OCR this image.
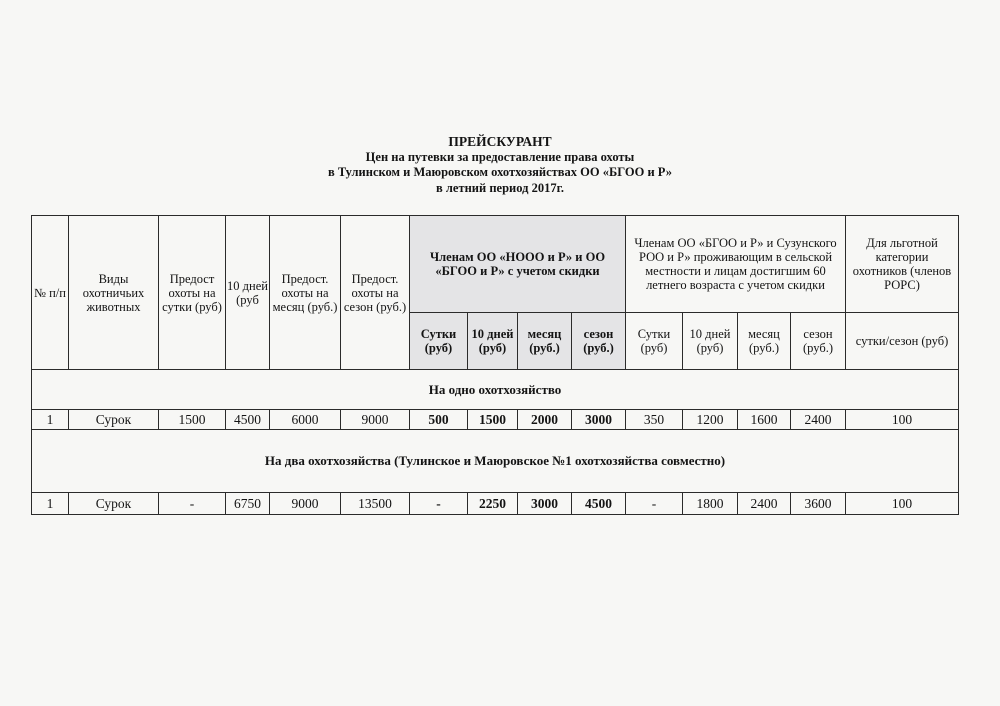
ПРЕЙСКУРАНТ
Цен на путевки за предоставление права охоты
в Тулинском и Маюровском охотхозяйствах ОО «БГОО и Р»
в летний период 2017г.
№ п/п	Виды охотничьих животных	Предост охоты на сутки (руб)	10 дней (руб	Предост. охоты на месяц (руб.)	Предост. охоты на сезон (руб.)	Членам ОО «НООО и Р» и ОО «БГОО и Р» с учетом скидки				Членам ОО «БГОО и Р» и Сузунского РОО и Р» проживающим в сельской местности и лицам достигшим 60 летнего возраста с учетом скидки				Для льготной категории охотников (членов РОРС)
						Сутки (руб)	10 дней (руб)	месяц (руб.)	сезон (руб.)	Сутки (руб)	10 дней (руб)	месяц (руб.)	сезон (руб.)	сутки/сезон (руб)
На одно охотхозяйство														
1	Сурок	1500	4500	6000	9000	500	1500	2000	3000	350	1200	1600	2400	100
На два охотхозяйства (Тулинское и Маюровское №1 охотхозяйства совместно)														
1	Сурок	-	6750	9000	13500	-	2250	3000	4500	-	1800	2400	3600	100
